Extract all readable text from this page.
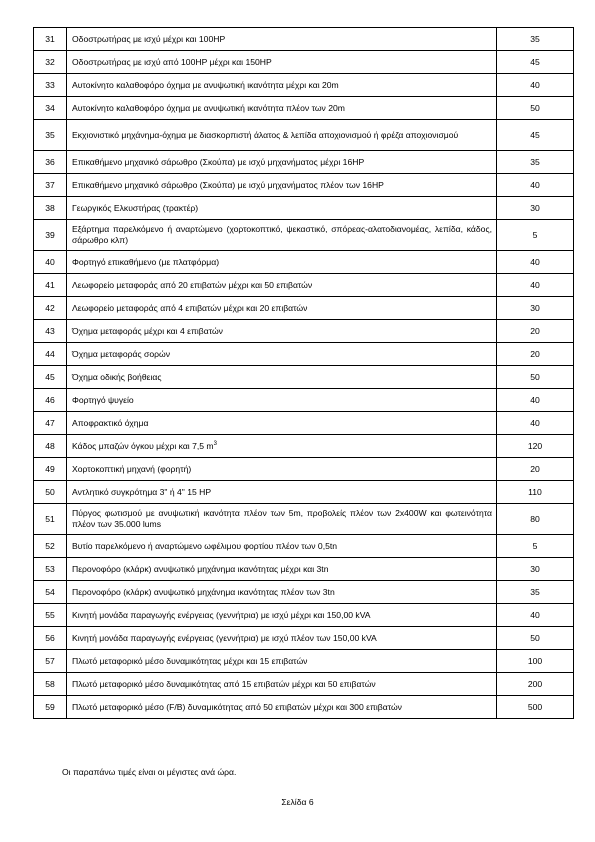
31	Οδοστρωτήρας με ισχύ μέχρι και 100HP	35
32	Οδοστρωτήρας με ισχύ από 100HP μέχρι και 150HP	45
33	Αυτοκίνητο καλαθοφόρο όχημα με ανυψωτική ικανότητα μέχρι και 20m	40
34	Αυτοκίνητο καλαθοφόρο όχημα με ανυψωτική ικανότητα πλέον των 20m	50
35	Εκχιονιστικό μηχάνημα-όχημα με διασκορπιστή άλατος & λεπίδα αποχιονισμού ή φρέζα αποχιονισμού	45
36	Επικαθήμενο μηχανικό σάρωθρο (Σκούπα) με ισχύ μηχανήματος μέχρι 16HP	35
37	Επικαθήμενο μηχανικό σάρωθρο (Σκούπα) με ισχύ μηχανήματος πλέον των 16HP	40
38	Γεωργικός Ελκυστήρας (τρακτέρ)	30
39	Εξάρτημα παρελκόμενο ή αναρτώμενο (χορτοκοπτικό, ψεκαστικό, σπόρεας-αλατοδιανομέας, λεπίδα, κάδος, σάρωθρο κλπ)	5
40	Φορτηγό επικαθήμενο (με πλατφόρμα)	40
41	Λεωφορείο μεταφοράς από 20 επιβατών μέχρι και 50 επιβατών	40
42	Λεωφορείο μεταφοράς από 4 επιβατών μέχρι και 20 επιβατών	30
43	Όχημα μεταφοράς μέχρι και 4 επιβατών	20
44	Όχημα μεταφοράς σορών	20
45	Όχημα οδικής βοήθειας	50
46	Φορτηγό ψυγείο	40
47	Αποφρακτικό όχημα	40
48	Κάδος μπαζών όγκου μέχρι και 7,5 $m^3$	120
49	Χορτοκοπτική μηχανή (φορητή)	20
50	Αντλητικό συγκρότημα 3" ή 4" 15 HP	110
51	Πύργος φωτισμού με ανυψωτική ικανότητα πλέον των 5m, προβολείς πλέον των 2x400W και φωτεινότητα πλέον των 35.000 lums	80
52	Βυτίο παρελκόμενο ή αναρτώμενο ωφέλιμου φορτίου πλέον των 0,5tn	5
53	Περονοφόρο (κλάρκ) ανυψωτικό μηχάνημα ικανότητας μέχρι και 3tn	30
54	Περονοφόρο (κλάρκ) ανυψωτικό μηχάνημα ικανότητας πλέον των 3tn	35
55	Κινητή μονάδα παραγωγής ενέργειας (γεννήτρια) με ισχύ μέχρι και 150,00 kVA	40
56	Κινητή μονάδα παραγωγής ενέργειας (γεννήτρια) με ισχύ πλέον των 150,00 kVA	50
57	Πλωτό μεταφορικό μέσο δυναμικότητας μέχρι και 15 επιβατών	100
58	Πλωτό μεταφορικό μέσο δυναμικότητας από 15 επιβατών μέχρι και 50 επιβατών	200
59	Πλωτό μεταφορικό μέσο (F/B) δυναμικότητας από 50 επιβατών μέχρι και 300 επιβατών	500
Οι παραπάνω τιμές είναι οι μέγιστες ανά ώρα.
Σελίδα 6
